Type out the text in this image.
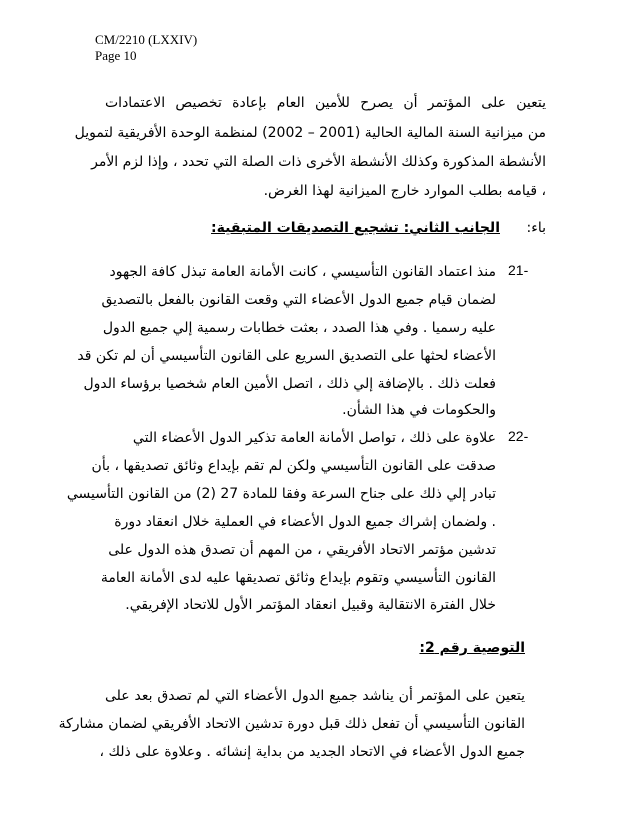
CM/2210 (LXXIV)
Page 10
يتعين على المؤتمر أن يصرح للأمين العام بإعادة تخصيص الاعتمادات
من ميزانية السنة المالية الحالية (2001 – 2002) لمنظمة الوحدة الأفريقية لتمويل
الأنشطة المذكورة وكذلك الأنشطة الأخرى ذات الصلة التي تحدد ، وإذا لزم الأمر
، قيامه بطلب الموارد خارج الميزانية لهذا الغرض.
باء:
الجانب الثاني: تشجيع التصديقات المتبقية:
21-
منذ اعتماد القانون التأسيسي ، كانت الأمانة العامة تبذل كافة الجهود
لضمان قيام جميع الدول الأعضاء التي وقعت القانون بالفعل بالتصديق
عليه رسميا . وفي هذا الصدد ، بعثت خطابات رسمية إلي جميع الدول
الأعضاء لحثها على التصديق السريع على القانون التأسيسي أن لم تكن قد
فعلت ذلك . بالإضافة إلي ذلك ، اتصل الأمين العام شخصيا برؤساء الدول
والحكومات في هذا الشأن.
22-
علاوة على ذلك ، تواصل الأمانة العامة تذكير الدول الأعضاء التي
صدقت على القانون التأسيسي ولكن لم تقم بإيداع وثائق تصديقها ، بأن
تبادر إلي ذلك على جناح السرعة وفقا للمادة 27 (2) من القانون التأسيسي
. ولضمان إشراك جميع الدول الأعضاء في العملية خلال انعقاد دورة
تدشين مؤتمر الاتحاد الأفريقي ، من المهم أن تصدق هذه الدول على
القانون التأسيسي وتقوم بإيداع وثائق تصديقها عليه لدى الأمانة العامة
خلال الفترة الانتقالية وقبيل انعقاد المؤتمر الأول للاتحاد الإفريقي.
التوصية رقم 2:
يتعين على المؤتمر أن يناشد جميع الدول الأعضاء التي لم تصدق بعد على
القانون التأسيسي أن تفعل ذلك قبل دورة تدشين الاتحاد الأفريقي لضمان مشاركة
جميع الدول الأعضاء في الاتحاد الجديد من بداية إنشائه . وعلاوة على ذلك ،
